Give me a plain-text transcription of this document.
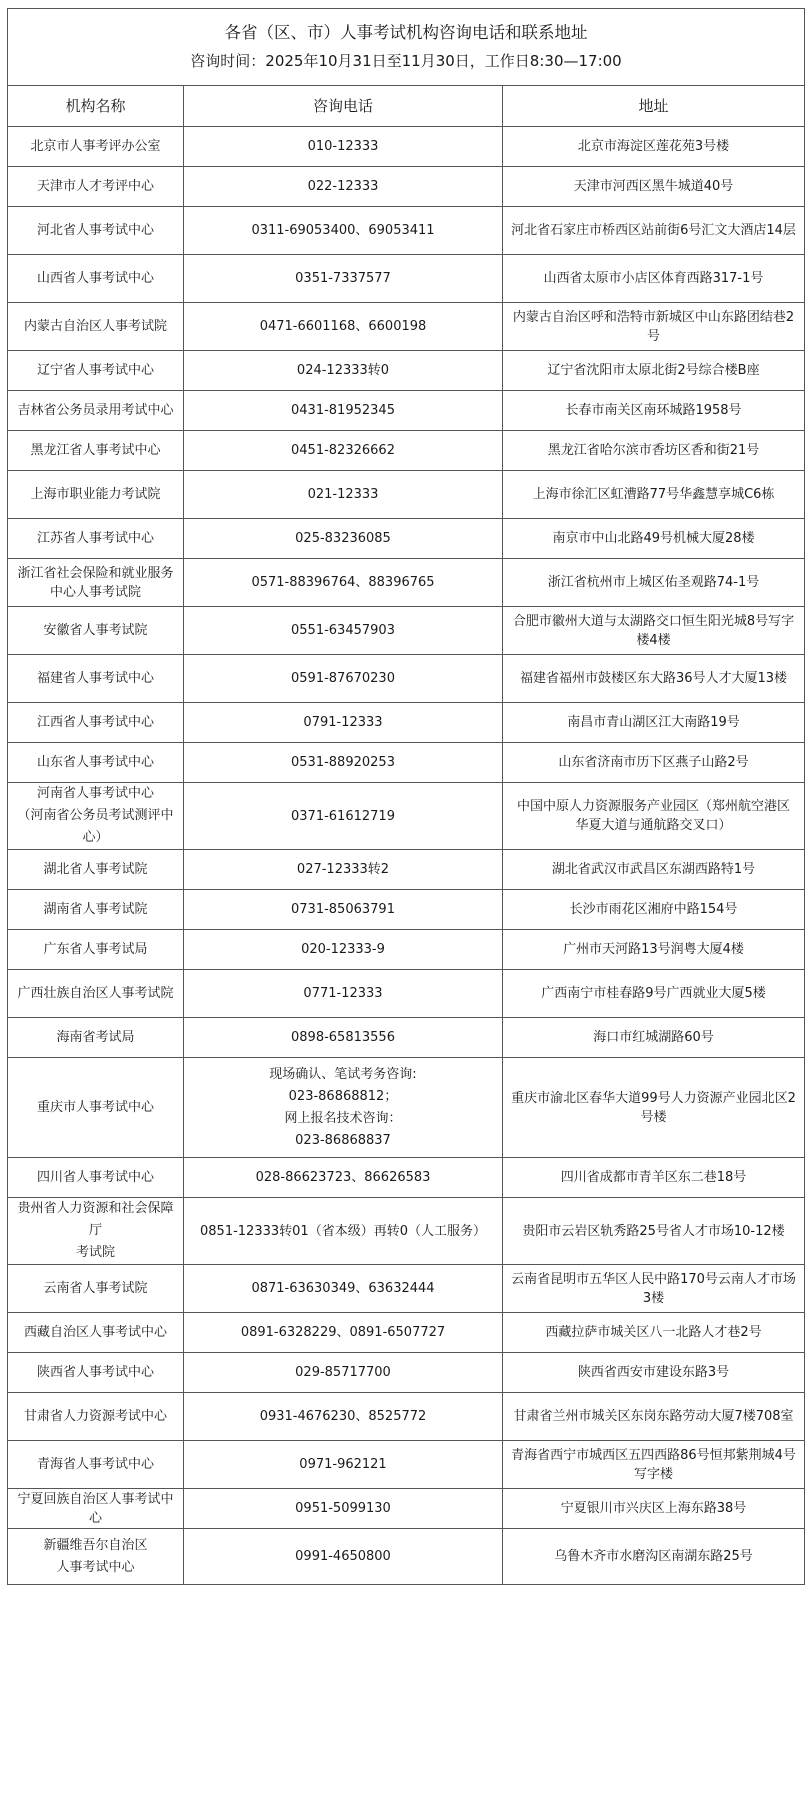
各省（区、市）人事考试机构咨询电话和联系地址
咨询时间：2025年10月31日至11月30日，工作日8:30—17:00		

机构名称	咨询电话	地址

北京市人事考评办公室	010-12333	北京市海淀区莲花苑3号楼

天津市人才考评中心	022-12333	天津市河西区黑牛城道40号

河北省人事考试中心	0311-69053400、69053411	河北省石家庄市桥西区站前街6号汇文大酒店14层

山西省人事考试中心	0351-7337577	山西省太原市小店区体育西路317-1号

内蒙古自治区人事考试院	0471-6601168、6600198	内蒙古自治区呼和浩特市新城区中山东路团结巷2号

辽宁省人事考试中心	024-12333转0	辽宁省沈阳市太原北街2号综合楼B座

吉林省公务员录用考试中心	0431-81952345	长春市南关区南环城路1958号

黑龙江省人事考试中心	0451-82326662	黑龙江省哈尔滨市香坊区香和街21号

上海市职业能力考试院	021-12333	上海市徐汇区虹漕路77号华鑫慧享城C6栋

江苏省人事考试中心	025-83236085	南京市中山北路49号机械大厦28楼

浙江省社会保险和就业服务中心人事考试院	0571-88396764、88396765	浙江省杭州市上城区佑圣观路74-1号

安徽省人事考试院	0551-63457903	合肥市徽州大道与太湖路交口恒生阳光城8号写字楼4楼

福建省人事考试中心	0591-87670230	福建省福州市鼓楼区东大路36号人才大厦13楼

江西省人事考试中心	0791-12333	南昌市青山湖区江大南路19号

山东省人事考试中心	0531-88920253	山东省济南市历下区燕子山路2号

河南省人事考试中心
（河南省公务员考试测评中心）	0371-61612719	中国中原人力资源服务产业园区（郑州航空港区华夏大道与通航路交叉口）

湖北省人事考试院	027-12333转2	湖北省武汉市武昌区东湖西路特1号

湖南省人事考试院	0731-85063791	长沙市雨花区湘府中路154号

广东省人事考试局	020-12333-9	广州市天河路13号润粤大厦4楼

广西壮族自治区人事考试院	0771-12333	广西南宁市桂春路9号广西就业大厦5楼

海南省考试局	0898-65813556	海口市红城湖路60号

重庆市人事考试中心	现场确认、笔试考务咨询:
023-86868812；
网上报名技术咨询：
023-86868837	重庆市渝北区春华大道99号人力资源产业园北区2号楼

四川省人事考试中心	028-86623723、86626583	四川省成都市青羊区东二巷18号

贵州省人力资源和社会保障厅
考试院	0851-12333转01（省本级）再转0（人工服务）	贵阳市云岩区轨秀路25号省人才市场10-12楼

云南省人事考试院	0871-63630349、63632444	云南省昆明市五华区人民中路170号云南人才市场3楼

西藏自治区人事考试中心	0891-6328229、0891-6507727	西藏拉萨市城关区八一北路人才巷2号

陕西省人事考试中心	029-85717700	陕西省西安市建设东路3号

甘肃省人力资源考试中心	0931-4676230、8525772	甘肃省兰州市城关区东岗东路劳动大厦7楼708室

青海省人事考试中心	0971-962121	青海省西宁市城西区五四西路86号恒邦紫荆城4号写字楼

宁夏回族自治区人事考试中心	0951-5099130	宁夏银川市兴庆区上海东路38号

新疆维吾尔自治区
人事考试中心	0991-4650800	乌鲁木齐市水磨沟区南湖东路25号
